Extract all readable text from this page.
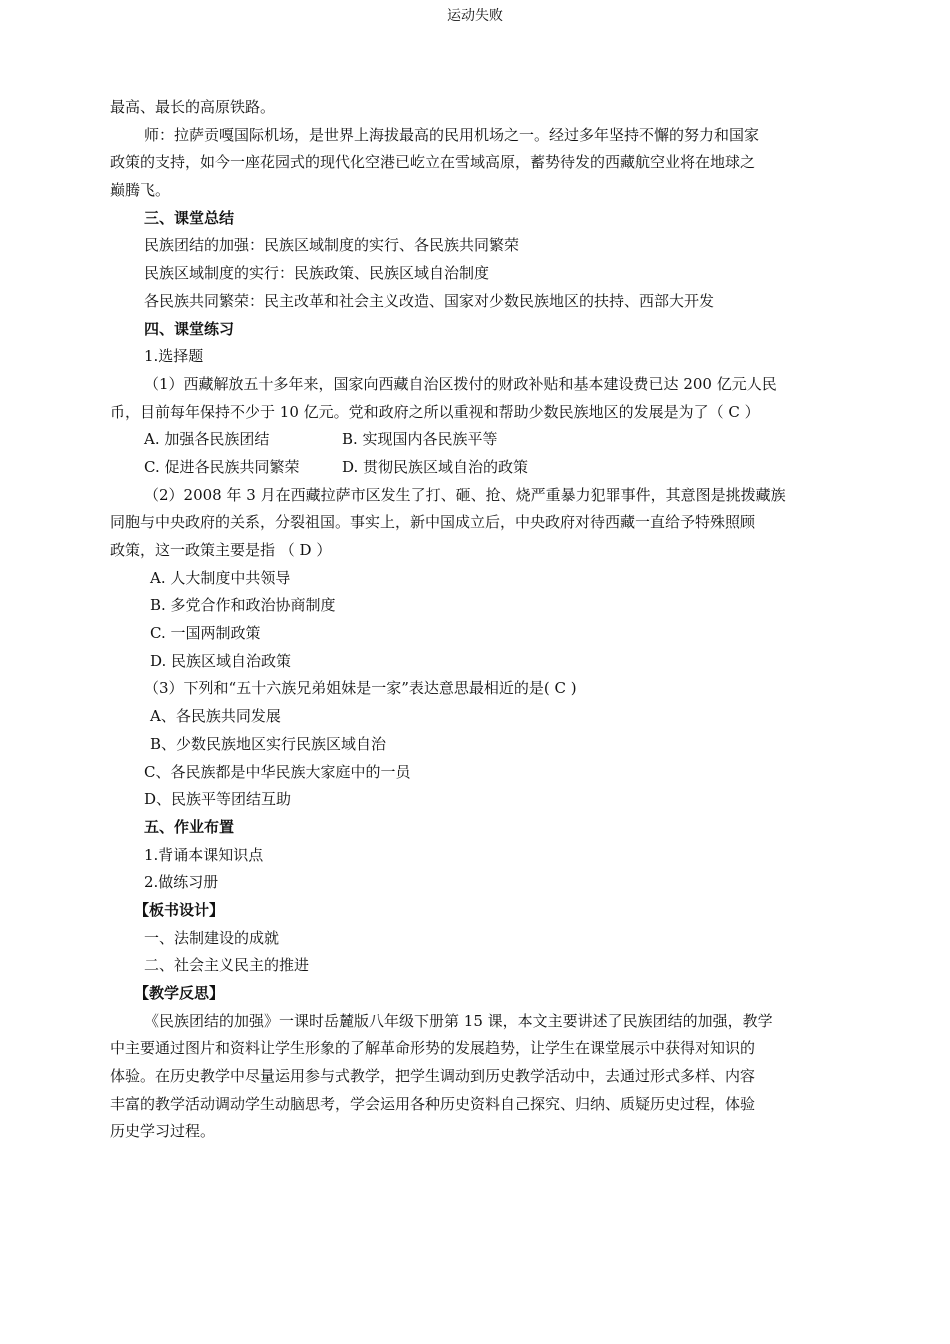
运动失败
最高、最长的高原铁路。
师：拉萨贡嘎国际机场，是世界上海拔最高的民用机场之一。经过多年坚持不懈的努力和国家
政策的支持，如今一座花园式的现代化空港已屹立在雪域高原，蓄势待发的西藏航空业将在地球之
巅腾飞。
三、课堂总结
民族团结的加强：民族区域制度的实行、各民族共同繁荣
民族区域制度的实行：民族政策、民族区域自治制度
各民族共同繁荣：民主改革和社会主义改造、国家对少数民族地区的扶持、西部大开发
四、课堂练习
1.选择题
（1）西藏解放五十多年来，国家向西藏自治区拨付的财政补贴和基本建设费已达 200 亿元人民
币，目前每年保持不少于 10 亿元。党和政府之所以重视和帮助少数民族地区的发展是为了（ C ）
A. 加强各民族团结	B. 实现国内各民族平等
C. 促进各民族共同繁荣	D. 贯彻民族区域自治的政策
（2）2008 年 3 月在西藏拉萨市区发生了打、砸、抢、烧严重暴力犯罪事件，其意图是挑拨藏族
同胞与中央政府的关系，分裂祖国。事实上，新中国成立后，中央政府对待西藏一直给予特殊照顾
政策，这一政策主要是指 （ D ）
A. 人大制度中共领导
B. 多党合作和政治协商制度
C. 一国两制政策
D. 民族区域自治政策
（3）下列和“五十六族兄弟姐妹是一家”表达意思最相近的是( C )
A、各民族共同发展
B、少数民族地区实行民族区域自治
C、各民族都是中华民族大家庭中的一员
D、民族平等团结互助
五、作业布置
1.背诵本课知识点
2.做练习册
【板书设计】
一、法制建设的成就
二、社会主义民主的推进
【教学反思】
《民族团结的加强》一课时岳麓版八年级下册第 15 课，本文主要讲述了民族团结的加强，教学
中主要通过图片和资料让学生形象的了解革命形势的发展趋势，让学生在课堂展示中获得对知识的
体验。在历史教学中尽量运用参与式教学，把学生调动到历史教学活动中，去通过形式多样、内容
丰富的教学活动调动学生动脑思考，学会运用各种历史资料自己探究、归纳、质疑历史过程，体验
历史学习过程。
